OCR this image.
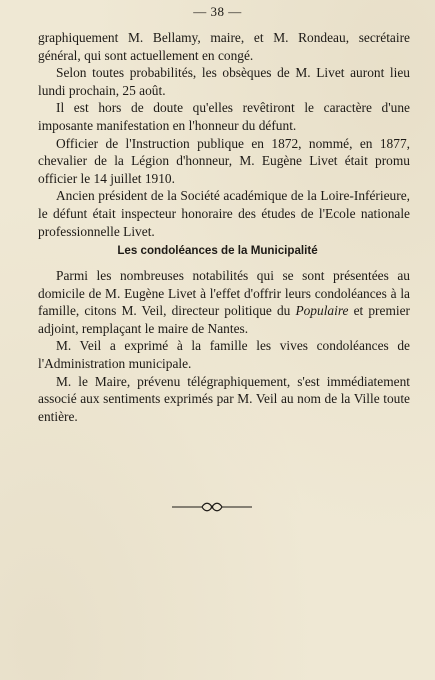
— 38 —

graphiquement M. Bellamy, maire, et M. Rondeau, secrétaire général, qui sont actuellement en congé.

Selon toutes probabilités, les obsèques de M. Livet auront lieu lundi prochain, 25 août.

Il est hors de doute qu'elles revêtiront le caractère d'une imposante manifestation en l'honneur du défunt.

Officier de l'Instruction publique en 1872, nommé, en 1877, chevalier de la Légion d'honneur, M. Eugène Livet était promu officier le 14 juillet 1910.

Ancien président de la Société académique de la Loire-Inférieure, le défunt était inspecteur honoraire des études de l'Ecole nationale professionnelle Livet.

Les condoléances de la Municipalité

Parmi les nombreuses notabilités qui se sont présentées au domicile de M. Eugène Livet à l'effet d'offrir leurs condoléances à la famille, citons M. Veil, directeur politique du Populaire et premier adjoint, remplaçant le maire de Nantes.

M. Veil a exprimé à la famille les vives condoléances de l'Administration municipale.

M. le Maire, prévenu télégraphiquement, s'est immédiatement associé aux sentiments exprimés par M. Veil au nom de la Ville toute entière.
